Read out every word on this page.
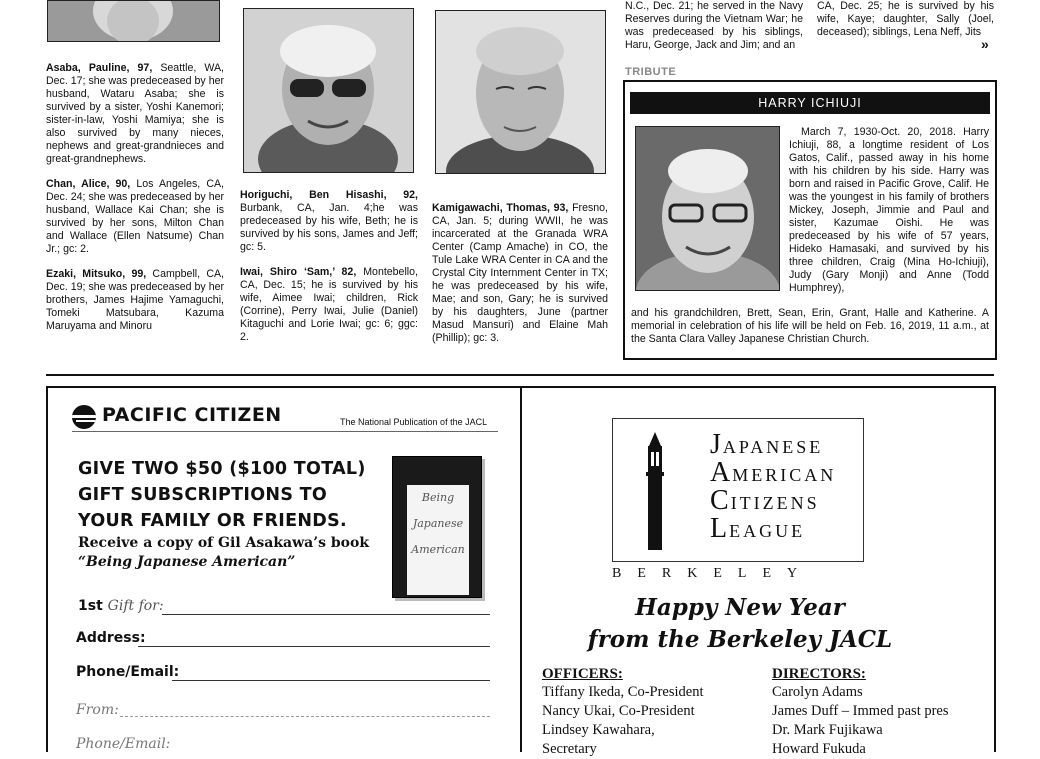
Asaba, Pauline, 97, Seattle, WA, Dec. 17; she was predeceased by her husband, Wataru Asaba; she is survived by a sister, Yoshi Kanemori; sister-in-law, Yoshi Mamiya; she is also survived by many nieces, nephews and great-grandnieces and great-grandnephews.

Chan, Alice, 90, Los Angeles, CA, Dec. 24; she was predeceased by her husband, Wallace Kai Chan; she is survived by her sons, Milton Chan and Wallace (Ellen Natsume) Chan Jr.; gc: 2.

Ezaki, Mitsuko, 99, Campbell, CA, Dec. 19; she was predeceased by her brothers, James Hajime Yamaguchi, Tomeki Matsubara, Kazuma Maruyama and Minoru

Horiguchi, Ben Hisashi, 92, Burbank, CA, Jan. 4;he was predeceased by his wife, Beth; he is survived by his sons, James and Jeff; gc: 5.

Iwai, Shiro ‘Sam,’ 82, Montebello, CA, Dec. 15; he is survived by his wife, Aimee Iwai; children, Rick (Corrine), Perry Iwai, Julie (Daniel) Kitaguchi and Lorie Iwai; gc: 6; ggc: 2.

Kamigawachi, Thomas, 93, Fresno, CA, Jan. 5; during WWII, he was incarcerated at the Granada WRA Center (Camp Amache) in CO, the Tule Lake WRA Center in CA and the Crystal City Internment Center in TX; he was predeceased by his wife, Mae; and son, Gary; he is survived by his daughters, June (partner Masud Mansuri) and Elaine Mah (Phillip); gc: 3.

N.C., Dec. 21; he served in the Navy Reserves during the Vietnam War; he was predeceased by his siblings, Haru, George, Jack and Jim; and an
CA, Dec. 25; he is survived by his wife, Kaye; daughter, Sally (Joel, deceased); siblings, Lena Neff, Jits
»
TRIBUTE
HARRY ICHIUJI
March 7, 1930-Oct. 20, 2018. Harry Ichiuji, 88, a longtime resident of Los Gatos, Calif., passed away in his home with his children by his side. Harry was born and raised in Pacific Grove, Calif. He was the youngest in his family of brothers Mickey, Joseph, Jimmie and Paul and sister, Kazumae Oishi. He was predeceased by his wife of 57 years, Hideko Hamasaki, and survived by his three children, Craig (Mina Ho-Ichiuji), Judy (Gary Monji) and Anne (Todd Humphrey),
and his grandchildren, Brett, Sean, Erin, Grant, Halle and Katherine. A memorial in celebration of his life will be held on Feb. 16, 2019, 11 a.m., at the Santa Clara Valley Japanese Christian Church.
PACIFIC CITIZEN	The National Publication of the JACL
GIVE TWO $50 ($100 TOTAL)
GIFT SUBSCRIPTIONS TO
YOUR FAMILY OR FRIENDS.
Receive a copy of Gil Asakawa’s book
“Being Japanese American”
Being
Japanese
American
1st Gift for:
Address:
Phone/Email:
From:
Phone/Email:
JAPANESE
AMERICAN
CITIZENS
LEAGUE
BERKELEY
Happy New Year
from the Berkeley JACL
OFFICERS:
Tiffany Ikeda, Co-President
Nancy Ukai, Co-President
Lindsey Kawahara,
Secretary
DIRECTORS:
Carolyn Adams
James Duff – Immed past pres
Dr. Mark Fujikawa
Howard Fukuda
